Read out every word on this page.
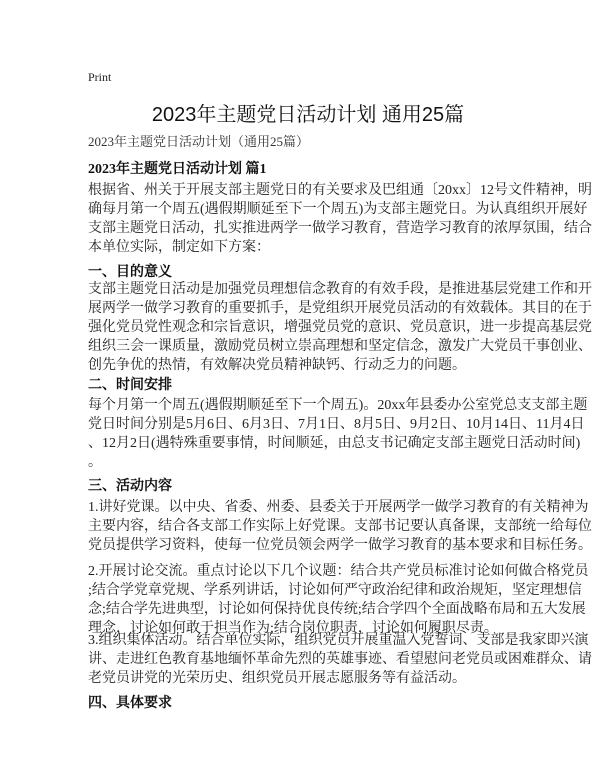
Print
2023年主题党日活动计划 通用25篇
2023年主题党日活动计划（通用25篇）
2023年主题党日活动计划 篇1
根据省、州关于开展支部主题党日的有关要求及巴组通〔20xx〕12号文件精神，明
确每月第一个周五(遇假期顺延至下一个周五)为支部主题党日。为认真组织开展好
支部主题党日活动，扎实推进两学一做学习教育，营造学习教育的浓厚氛围，结合
本单位实际，制定如下方案：
一、目的意义
支部主题党日活动是加强党员理想信念教育的有效手段，是推进基层党建工作和开
展两学一做学习教育的重要抓手，是党组织开展党员活动的有效载体。其目的在于
强化党员党性观念和宗旨意识，增强党员党的意识、党员意识，进一步提高基层党
组织三会一课质量，激励党员树立崇高理想和坚定信念，激发广大党员干事创业、
创先争优的热情，有效解决党员精神缺钙、行动乏力的问题。
二、时间安排
每个月第一个周五(遇假期顺延至下一个周五)。20xx年县委办公室党总支支部主题
党日时间分别是5月6日、6月3日、7月1日、8月5日、9月2日、10月14日、11月4日
、12月2日(遇特殊重要事情，时间顺延，由总支书记确定支部主题党日活动时间)
。
三、活动内容
1.讲好党课。以中央、省委、州委、县委关于开展两学一做学习教育的有关精神为
主要内容，结合各支部工作实际上好党课。支部书记要认真备课，支部统一给每位
党员提供学习资料，使每一位党员领会两学一做学习教育的基本要求和目标任务。
2.开展讨论交流。重点讨论以下几个议题：结合共产党员标准讨论如何做合格党员
;结合学党章党规、学系列讲话，讨论如何严守政治纪律和政治规矩，坚定理想信
念;结合学先进典型，讨论如何保持优良传统;结合学四个全面战略布局和五大发展
理念，讨论如何敢于担当作为;结合岗位职责，讨论如何履职尽责。
3.组织集体活动。结合单位实际，组织党员开展重温入党誓词、支部是我家即兴演
讲、走进红色教育基地缅怀革命先烈的英雄事迹、看望慰问老党员或困难群众、请
老党员讲党的光荣历史、组织党员开展志愿服务等有益活动。
四、具体要求
